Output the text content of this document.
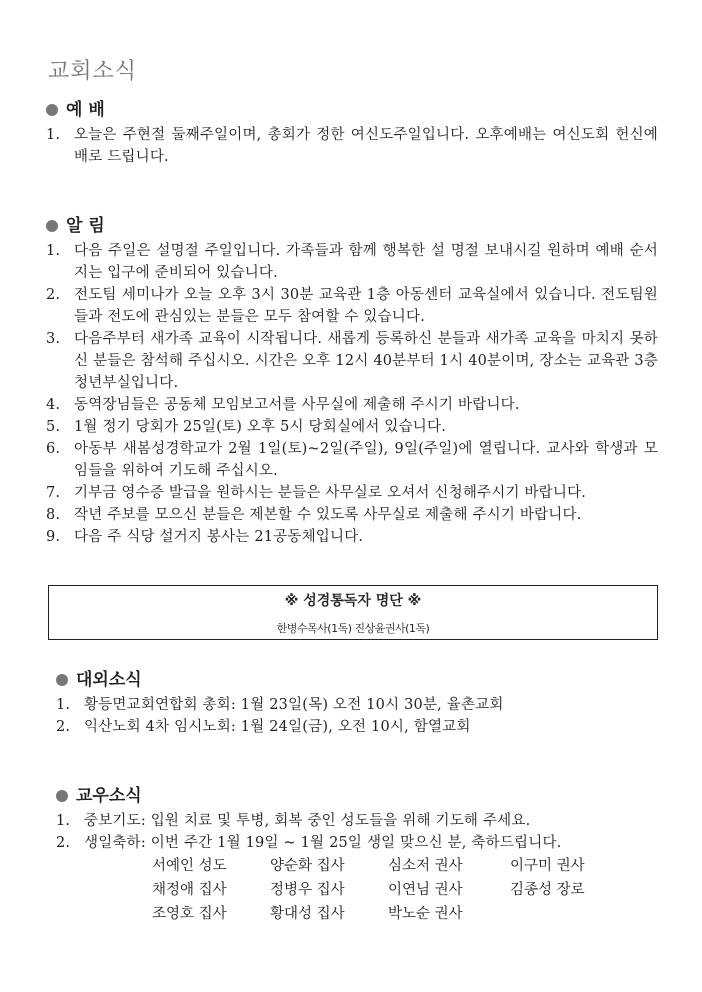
교회소식
예 배
1. 오늘은 주현절 둘째주일이며, 총회가 정한 여신도주일입니다. 오후예배는 여신도회 헌신예배로 드립니다.
알 림
1. 다음 주일은 설명절 주일입니다. 가족들과 함께 행복한 설 명절 보내시길 원하며 예배 순서지는 입구에 준비되어 있습니다.
2. 전도팀 세미나가 오늘 오후 3시 30분 교육관 1층 아동센터 교육실에서 있습니다. 전도팀원들과 전도에 관심있는 분들은 모두 참여할 수 있습니다.
3. 다음주부터 새가족 교육이 시작됩니다. 새롭게 등록하신 분들과 새가족 교육을 마치지 못하신 분들은 참석해 주십시오. 시간은 오후 12시 40분부터 1시 40분이며, 장소는 교육관 3층 청년부실입니다.
4. 동역장님들은 공동체 모임보고서를 사무실에 제출해 주시기 바랍니다.
5. 1월 정기 당회가 25일(토) 오후 5시 당회실에서 있습니다.
6. 아동부 새봄성경학교가 2월 1일(토)~2일(주일), 9일(주일)에 열립니다. 교사와 학생과 모임들을 위하여 기도해 주십시오.
7. 기부금 영수증 발급을 원하시는 분들은 사무실로 오셔서 신청해주시기 바랍니다.
8. 작년 주보를 모으신 분들은 제본할 수 있도록 사무실로 제출해 주시기 바랍니다.
9. 다음 주 식당 설거지 봉사는 21공동체입니다.
※ 성경통독자 명단 ※
한병수목사(1독) 진상윤권사(1독)
대외소식
1. 황등면교회연합회 총회: 1월 23일(목) 오전 10시 30분, 율촌교회
2. 익산노회 4차 임시노회: 1월 24일(금), 오전 10시, 함열교회
교우소식
1. 중보기도: 입원 치료 및 투병, 회복 중인 성도들을 위해 기도해 주세요.
2. 생일축하: 이번 주간 1월 19일 ~ 1월 25일 생일 맞으신 분, 축하드립니다.
서예인 성도	양순화 집사	심소저 권사	이구미 권사
채정애 집사	정병우 집사	이연님 권사	김종성 장로
조영호 집사	황대성 집사	박노순 권사
